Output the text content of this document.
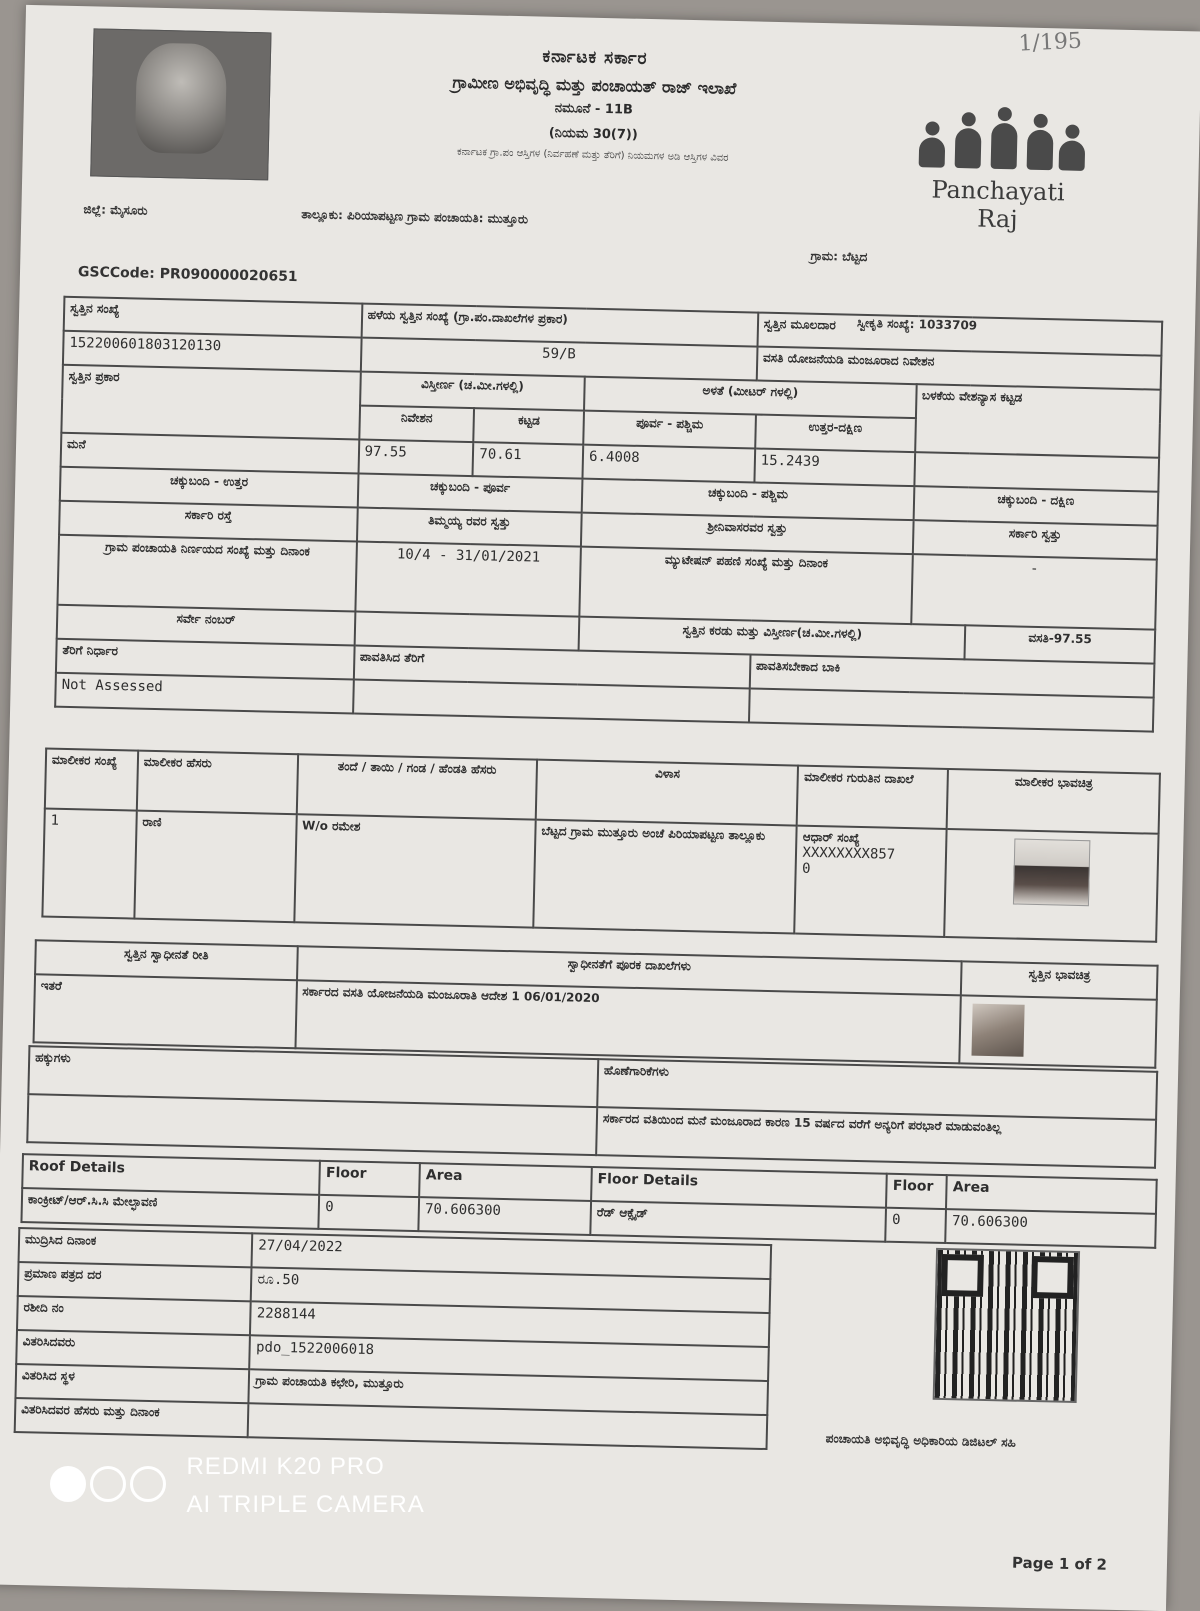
1/195
ಕರ್ನಾಟಕ ಸರ್ಕಾರ
ಗ್ರಾಮೀಣ ಅಭಿವೃದ್ಧಿ ಮತ್ತು ಪಂಚಾಯತ್ ರಾಜ್ ಇಲಾಖೆ
ನಮೂನೆ - 11B
(ನಿಯಮ 30(7))
ಕರ್ನಾಟಕ ಗ್ರಾ.ಪಂ ಆಸ್ತಿಗಳ (ನಿರ್ವಹಣೆ ಮತ್ತು ತೆರಿಗೆ) ನಿಯಮಗಳ ಅಡಿ ಆಸ್ತಿಗಳ ವಿವರ
Panchayati Raj
ಜಿಲ್ಲೆ: ಮೈಸೂರು	ತಾಲ್ಲೂಕು: ಪಿರಿಯಾಪಟ್ಟಣ ಗ್ರಾಮ ಪಂಚಾಯತಿ: ಮುತ್ತೂರು
ಗ್ರಾಮ: ಬೆಟ್ಟದ
GSCCode: PR090000020651
ಸ್ವೀಕೃತಿ ಸಂಖ್ಯೆ: 1033709
ಸ್ವತ್ತಿನ ಸಂಖ್ಯೆ	ಹಳೆಯ ಸ್ವತ್ತಿನ ಸಂಖ್ಯೆ (ಗ್ರಾ.ಪಂ.ದಾಖಲೆಗಳ ಪ್ರಕಾರ)			ಸ್ವತ್ತಿನ ಮೂಲದಾರ		
152200601803120130	59/B			ವಸತಿ ಯೋಜನೆಯಡಿ ಮಂಜೂರಾದ ನಿವೇಶನ		
ಸ್ವತ್ತಿನ ಪ್ರಕಾರ	ವಿಸ್ತೀರ್ಣ (ಚ.ಮೀ.ಗಳಲ್ಲಿ)		ಅಳತೆ (ಮೀಟರ್ ಗಳಲ್ಲಿ)		ಬಳಕೆಯ ವೇಶನ್ಯಾಸ ಕಟ್ಟಡ	
	ನಿವೇಶನ	ಕಟ್ಟಡ	ಪೂರ್ವ - ಪಶ್ಚಿಮ	ಉತ್ತರ-ದಕ್ಷಿಣ		
ಮನೆ	97.55	70.61	6.4008	15.2439		
ಚಕ್ಕುಬಂದಿ - ಉತ್ತರ	ಚಕ್ಕುಬಂದಿ - ಪೂರ್ವ		ಚಕ್ಕುಬಂದಿ - ಪಶ್ಚಿಮ		ಚಕ್ಕುಬಂದಿ - ದಕ್ಷಿಣ	
ಸರ್ಕಾರಿ ರಸ್ತೆ	ತಿಮ್ಮಯ್ಯ ರವರ ಸ್ವತ್ತು		ಶ್ರೀನಿವಾಸರವರ ಸ್ವತ್ತು		ಸರ್ಕಾರಿ ಸ್ವತ್ತು	
ಗ್ರಾಮ ಪಂಚಾಯತಿ ನಿರ್ಣಯದ ಸಂಖ್ಯೆ ಮತ್ತು ದಿನಾಂಕ	10/4 - 31/01/2021		ಮ್ಯುಟೇಷನ್ ಪಹಣಿ ಸಂಖ್ಯೆ ಮತ್ತು ದಿನಾಂಕ		-	
ಸರ್ವೇ ನಂಬರ್			ಸ್ವತ್ತಿನ ಕರಡು ಮತ್ತು ವಿಸ್ತೀರ್ಣ(ಚ.ಮೀ.ಗಳಲ್ಲಿ)			ವಸತಿ-97.55
ತೆರಿಗೆ ನಿರ್ಧಾರ	ಪಾವತಿಸಿದ ತೆರಿಗೆ			ಪಾವತಿಸಬೇಕಾದ ಬಾಕಿ		
Not Assessed						
ಮಾಲೀಕರ ಸಂಖ್ಯೆ	ಮಾಲೀಕರ ಹೆಸರು	ತಂದೆ / ತಾಯಿ / ಗಂಡ / ಹೆಂಡತಿ ಹೆಸರು	ವಿಳಾಸ	ಮಾಲೀಕರ ಗುರುತಿನ ದಾಖಲೆ	ಮಾಲೀಕರ ಭಾವಚಿತ್ರ
1	ರಾಣಿ	W/o ರಮೇಶ	ಬೆಟ್ಟದ ಗ್ರಾಮ ಮುತ್ತೂರು ಅಂಚೆ ಪಿರಿಯಾಪಟ್ಟಣ ತಾಲ್ಲೂಕು	ಆಧಾರ್ ಸಂಖ್ಯೆ
XXXXXXXX857
0	

ಸ್ವತ್ತಿನ ಸ್ವಾಧೀನತೆ ರೀತಿ	ಸ್ವಾಧೀನತೆಗೆ ಪೂರಕ ದಾಖಲೆಗಳು	ಸ್ವತ್ತಿನ ಭಾವಚಿತ್ರ
ಇತರೆ	ಸರ್ಕಾರದ ವಸತಿ ಯೋಜನೆಯಡಿ ಮಂಜೂರಾತಿ ಆದೇಶ 1 06/01/2020	
ಹಕ್ಕುಗಳು	ಹೊಣೆಗಾರಿಕೆಗಳು
	ಸರ್ಕಾರದ ವತಿಯಿಂದ ಮನೆ ಮಂಜೂರಾದ ಕಾರಣ 15 ವರ್ಷದ ವರೆಗೆ ಅನ್ಯರಿಗೆ ಪರಭಾರೆ ಮಾಡುವಂತಿಲ್ಲ
Roof Details	Floor	Area	Floor Details	Floor	Area
ಕಾಂಕ್ರೀಟ್/ಆರ್.ಸಿ.ಸಿ ಮೇಲ್ಛಾವಣಿ	0	70.606300	ರೆಡ್ ಆಕ್ಸೈಡ್	0	70.606300
ಮುದ್ರಿಸಿದ ದಿನಾಂಕ	27/04/2022
ಪ್ರಮಾಣ ಪತ್ರದ ದರ	ರೂ.50
ರಶೀದಿ ನಂ	2288144
ವಿತರಿಸಿದವರು	pdo_1522006018
ವಿತರಿಸಿದ ಸ್ಥಳ	ಗ್ರಾಮ ಪಂಚಾಯತಿ ಕಛೇರಿ, ಮುತ್ತೂರು
ವಿತರಿಸಿದವರ ಹೆಸರು ಮತ್ತು ದಿನಾಂಕ	
ಪಂಚಾಯತಿ ಅಭಿವೃದ್ಧಿ ಅಧಿಕಾರಿಯ ಡಿಜಿಟಲ್ ಸಹಿ
Page 1 of 2

REDMI K20 PRO
AI TRIPLE CAMERA
